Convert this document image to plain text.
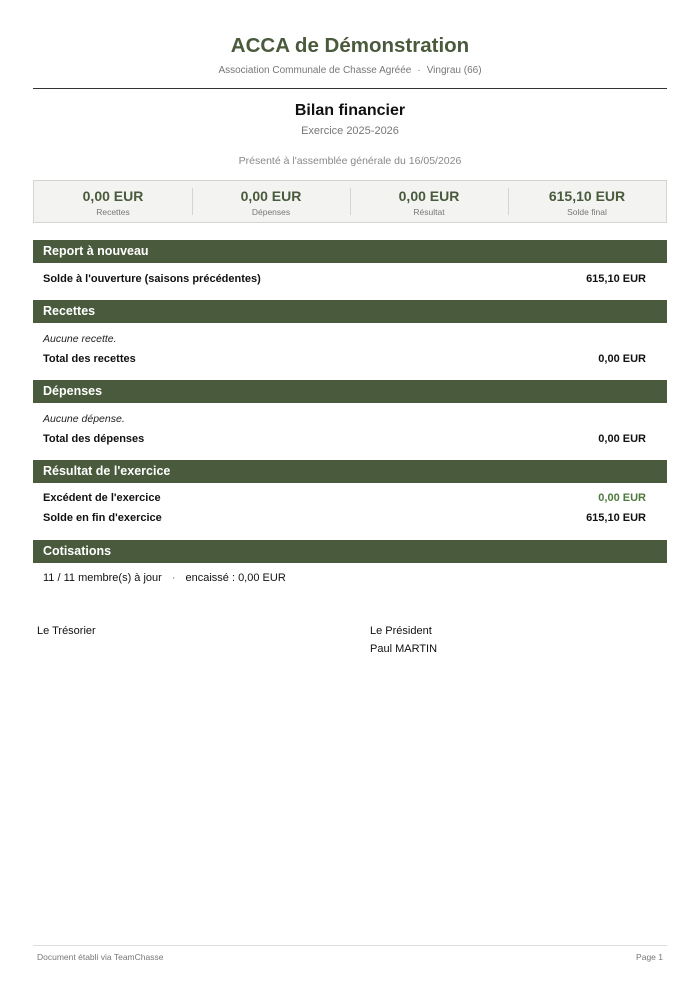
ACCA de Démonstration
Association Communale de Chasse Agréée · Vingrau (66)
Bilan financier
Exercice 2025-2026
Présenté à l'assemblée générale du 16/05/2026
0,00 EUR
Recettes
0,00 EUR
Dépenses
0,00 EUR
Résultat
615,10 EUR
Solde final
Report à nouveau
Solde à l'ouverture (saisons précédentes)	615,10 EUR
Recettes
Aucune recette.
Total des recettes	0,00 EUR
Dépenses
Aucune dépense.
Total des dépenses	0,00 EUR
Résultat de l'exercice
Excédent de l'exercice	0,00 EUR
Solde en fin d'exercice	615,10 EUR
Cotisations
11 / 11 membre(s) à jour · encaissé : 0,00 EUR
Le Trésorier	Le Président
Paul MARTIN
Document établi via TeamChasse	Page 1
